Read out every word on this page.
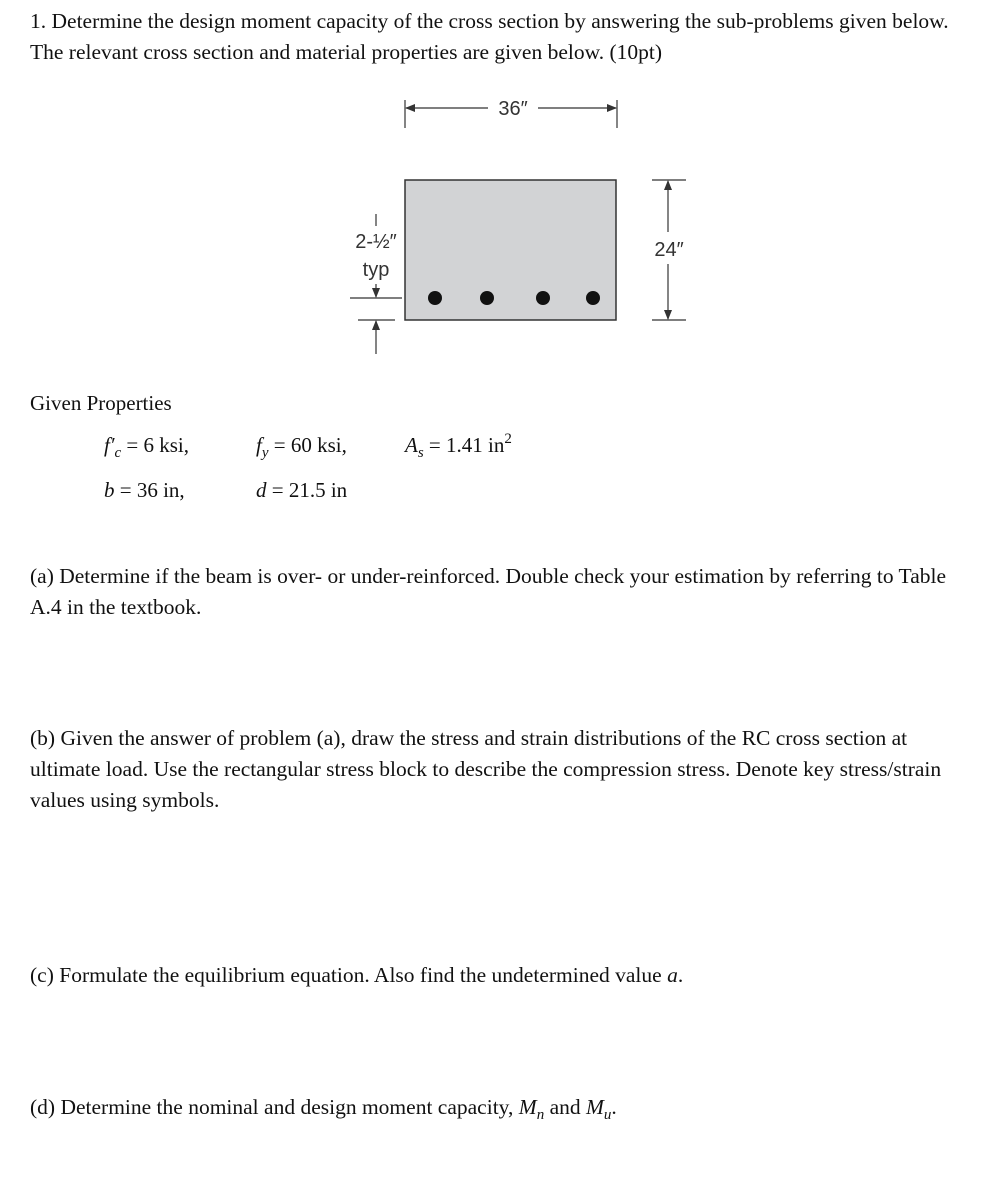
1. Determine the design moment capacity of the cross section by answering the sub-problems given below. The relevant cross section and material properties are given below. (10pt)
36″
24″
2-½″
typ
Given Properties
$f'_c = 6$ ksi,	$f_y = 60$ ksi,	$A_s = 1.41$ $in^2$
b = 36 in,	d = 21.5 in
(a) Determine if the beam is over- or under-reinforced. Double check your estimation by referring to Table A.4 in the textbook.
(b) Given the answer of problem (a), draw the stress and strain distributions of the RC cross section at ultimate load. Use the rectangular stress block to describe the compression stress. Denote key stress/strain values using symbols.
(c) Formulate the equilibrium equation. Also find the undetermined value a.
(d) Determine the nominal and design moment capacity, $M_n$ and $M_u$.
